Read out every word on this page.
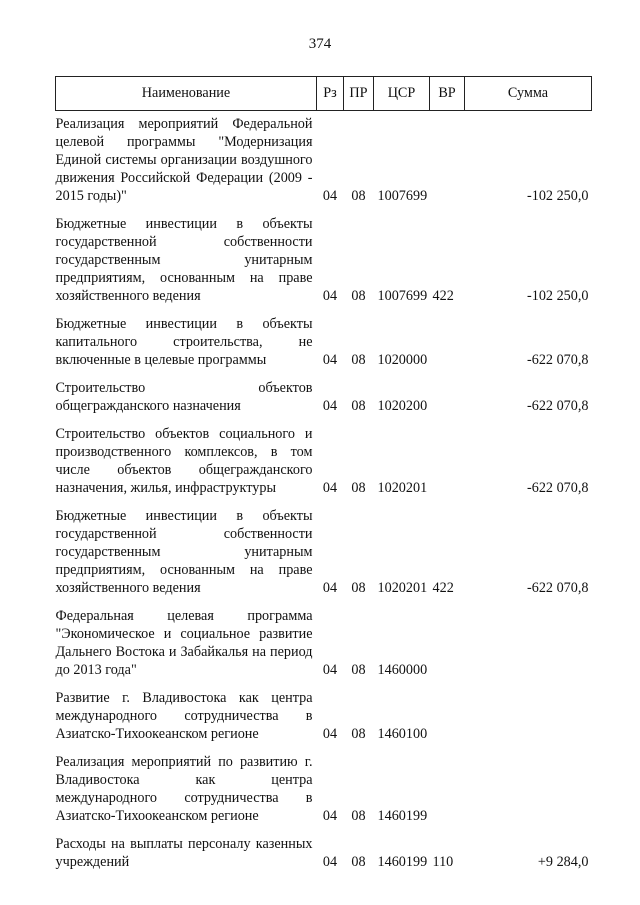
374
Наименование	Рз	ПР	ЦСР	ВР	Сумма
Реализация мероприятий Федеральной целевой программы "Модернизация Единой системы организации воздушного движения Российской Федерации (2009 - 2015 годы)"	04	08	1007699		-102 250,0
Бюджетные инвестиции в объекты государственной собственности государственным унитарным предприятиям, основанным на праве хозяйственного ведения	04	08	1007699	422	-102 250,0
Бюджетные инвестиции в объекты капитального строительства, не включенные в целевые программы	04	08	1020000		-622 070,8
Строительство объектов общегражданского назначения	04	08	1020200		-622 070,8
Строительство объектов социального и производственного комплексов, в том числе объектов общегражданского назначения, жилья, инфраструктуры	04	08	1020201		-622 070,8
Бюджетные инвестиции в объекты государственной собственности государственным унитарным предприятиям, основанным на праве хозяйственного ведения	04	08	1020201	422	-622 070,8
Федеральная целевая программа "Экономическое и социальное развитие Дальнего Востока и Забайкалья на период до 2013 года"	04	08	1460000		
Развитие г. Владивостока как центра международного сотрудничества в Азиатско-Тихоокеанском регионе	04	08	1460100		
Реализация мероприятий по развитию г. Владивостока как центра международного сотрудничества в Азиатско-Тихоокеанском регионе	04	08	1460199		
Расходы на выплаты персоналу казенных учреждений	04	08	1460199	110	+9 284,0
